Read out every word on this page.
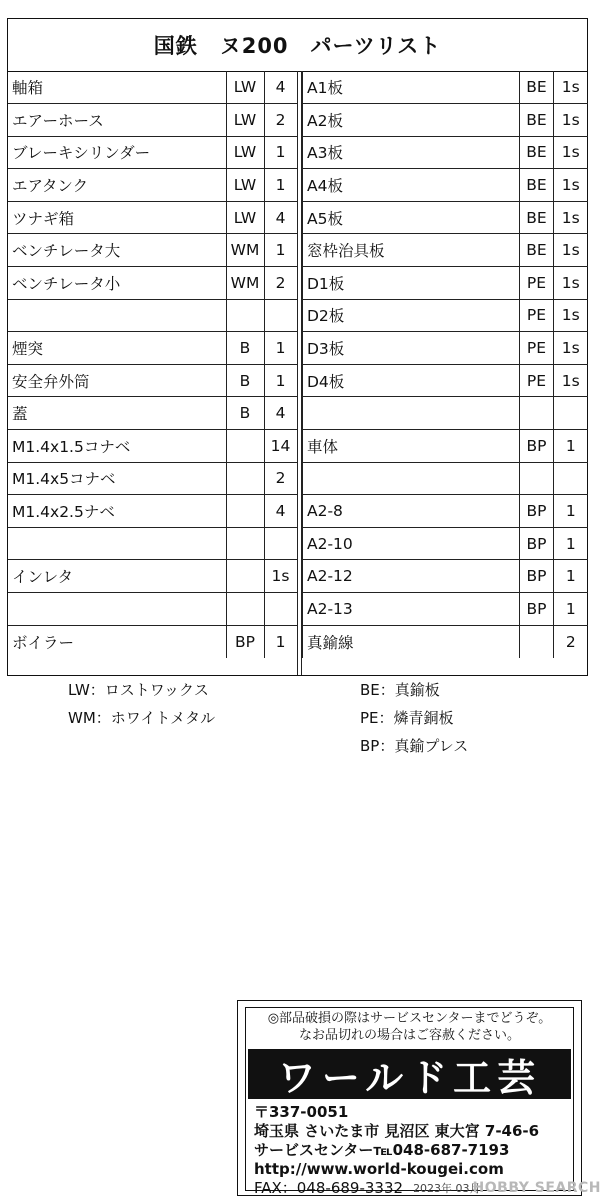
国鉄 ヌ200 パーツリスト
軸箱	LW	4
エアーホース	LW	2
ブレーキシリンダー	LW	1
エアタンク	LW	1
ツナギ箱	LW	4
ベンチレータ大	WM	1
ベンチレータ小	WM	2

煙突	B	1
安全弁外筒	B	1
蓋	B	4
M1.4x1.5コナベ		14
M1.4x5コナベ		2
M1.4x2.5ナベ		4

インレタ		1s

ボイラー	BP	1
A1板	BE	1s
A2板	BE	1s
A3板	BE	1s
A4板	BE	1s
A5板	BE	1s
窓枠治具板	BE	1s
D1板	PE	1s
D2板	PE	1s
D3板	PE	1s
D4板	PE	1s

車体	BP	1

A2-8	BP	1
A2-10	BP	1
A2-12	BP	1
A2-13	BP	1
真鍮線		2
LW：ロストワックス
WM：ホワイトメタル
BE：真鍮板
PE：燐青銅板
BP：真鍮プレス
◎部品破損の際はサービスセンターまでどうぞ。
なお品切れの場合はご容赦ください。
ワールド工芸
〒337-0051
埼玉県 さいたま市 見沼区 東大宮 7-46-6
サービスセンター℡048-687-7193
http://www.world-kougei.com
FAX：048-689-3332 2023年 03月
HOBBY SEARCH
